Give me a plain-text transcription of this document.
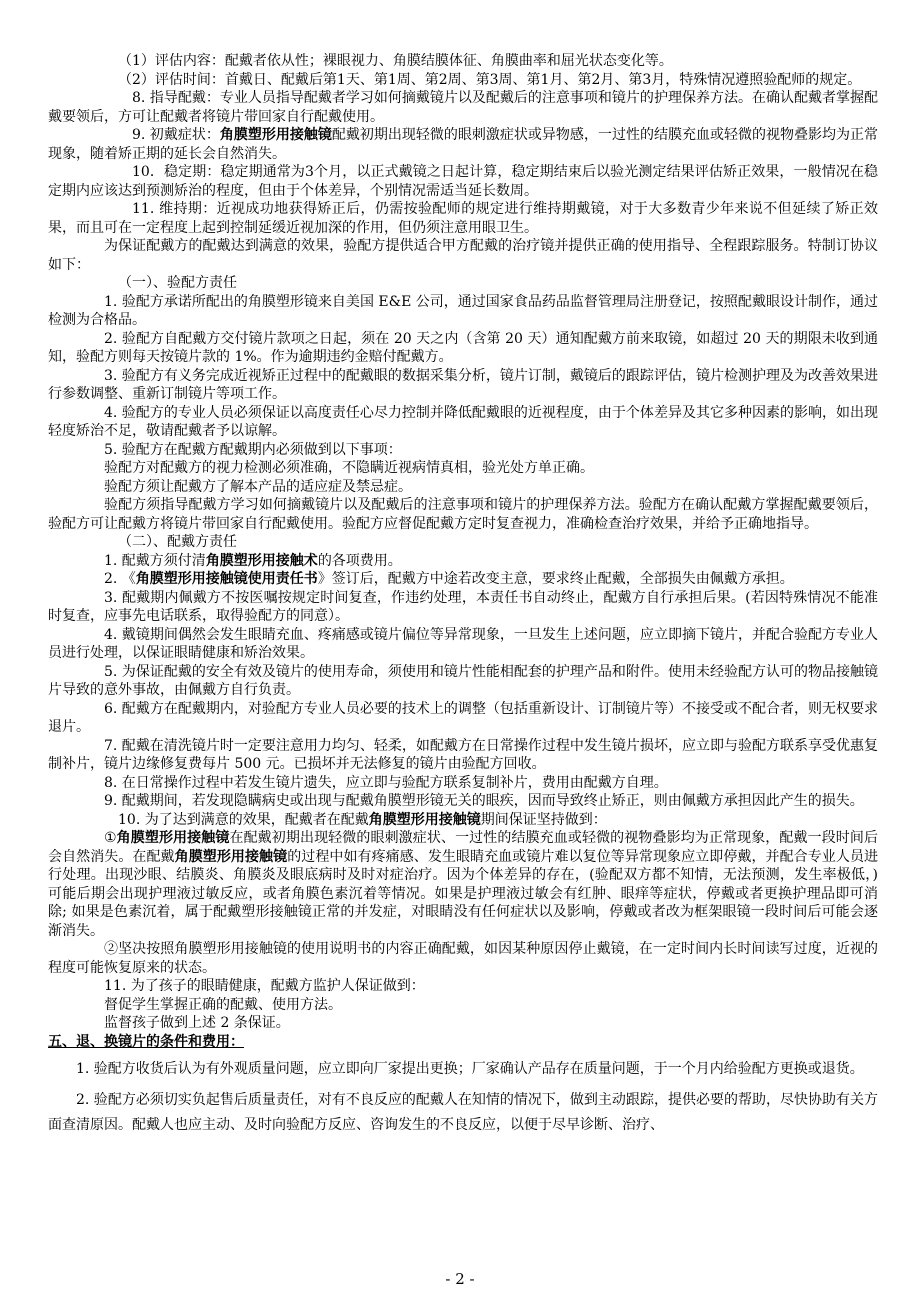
（1）评估内容：配戴者依从性；裸眼视力、角膜结膜体征、角膜曲率和屈光状态变化等。

（2）评估时间：首戴日、配戴后第1天、第1周、第2周、第3周、第1月、第2月、第3月，特殊情况遵照验配师的规定。

8. 指导配戴：专业人员指导配戴者学习如何摘戴镜片以及配戴后的注意事项和镜片的护理保养方法。在确认配戴者掌握配戴要领后，方可让配戴者将镜片带回家自行配戴使用。

9. 初戴症状：角膜塑形用接触镜配戴初期出现轻微的眼刺激症状或异物感，一过性的结膜充血或轻微的视物叠影均为正常现象，随着矫正期的延长会自然消失。

10．稳定期：稳定期通常为3个月，以正式戴镜之日起计算，稳定期结束后以验光测定结果评估矫正效果，一般情况在稳定期内应该达到预测矫治的程度，但由于个体差异，个别情况需适当延长数周。

11. 维持期：近视成功地获得矫正后，仍需按验配师的规定进行维持期戴镜，对于大多数青少年来说不但延续了矫正效果，而且可在一定程度上起到控制延缓近视加深的作用，但仍须注意用眼卫生。

为保证配戴方的配戴达到满意的效果，验配方提供适合甲方配戴的治疗镜并提供正确的使用指导、全程跟踪服务。特制订协议如下：

（一）、验配方责任

1. 验配方承诺所配出的角膜塑形镜来自美国 E&E 公司，通过国家食品药品监督管理局注册登记，按照配戴眼设计制作，通过检测为合格品。

2. 验配方自配戴方交付镜片款项之日起，须在 20 天之内（含第 20 天）通知配戴方前来取镜，如超过 20 天的期限未收到通知，验配方则每天按镜片款的 1%。作为逾期违约金赔付配戴方。

3. 验配方有义务完成近视矫正过程中的配戴眼的数据采集分析，镜片订制，戴镜后的跟踪评估，镜片检测护理及为改善效果进行参数调整、重新订制镜片等项工作。

4. 验配方的专业人员必须保证以高度责任心尽力控制并降低配戴眼的近视程度，由于个体差异及其它多种因素的影响，如出现轻度矫治不足，敬请配戴者予以谅解。

5. 验配方在配戴方配戴期内必须做到以下事项：

验配方对配戴方的视力检测必须准确，不隐瞒近视病情真相，验光处方单正确。

验配方须让配戴方了解本产品的适应症及禁忌症。

验配方须指导配戴方学习如何摘戴镜片以及配戴后的注意事项和镜片的护理保养方法。验配方在确认配戴方掌握配戴要领后，验配方可让配戴方将镜片带回家自行配戴使用。验配方应督促配戴方定时复查视力，准确检查治疗效果，并给予正确地指导。

（二）、配戴方责任

1. 配戴方须付清角膜塑形用接触术的各项费用。

2. 《角膜塑形用接触镜使用责任书》签订后，配戴方中途若改变主意，要求终止配戴，全部损失由佩戴方承担。

3. 配戴期内佩戴方不按医嘱按规定时间复查，作违约处理，本责任书自动终止，配戴方自行承担后果。(若因特殊情况不能准时复查，应事先电话联系，取得验配方的同意）。

4. 戴镜期间偶然会发生眼睛充血、疼痛感或镜片偏位等异常现象，一旦发生上述问题，应立即摘下镜片，并配合验配方专业人员进行处理，以保证眼睛健康和矫治效果。

5. 为保证配戴的安全有效及镜片的使用寿命，须使用和镜片性能相配套的护理产品和附件。使用未经验配方认可的物品接触镜片导致的意外事故，由佩戴方自行负责。

6. 配戴方在配戴期内，对验配方专业人员必要的技术上的调整（包括重新设计、订制镜片等）不接受或不配合者，则无权要求退片。

7. 配戴在清洗镜片时一定要注意用力均匀、轻柔，如配戴方在日常操作过程中发生镜片损坏，应立即与验配方联系享受优惠复制补片，镜片边缘修复费每片 500 元。已损坏并无法修复的镜片由验配方回收。

8. 在日常操作过程中若发生镜片遗失，应立即与验配方联系复制补片，费用由配戴方自理。

9. 配戴期间，若发现隐瞒病史或出现与配戴角膜塑形镜无关的眼疾，因而导致终止矫正，则由佩戴方承担因此产生的损失。

10. 为了达到满意的效果，配戴者在配戴角膜塑形用接触镜期间保证坚持做到：

①角膜塑形用接触镜在配戴初期出现轻微的眼刺激症状、一过性的结膜充血或轻微的视物叠影均为正常现象，配戴一段时间后会自然消失。在配戴角膜塑形用接触镜的过程中如有疼痛感、发生眼睛充血或镜片难以复位等异常现象应立即停戴，并配合专业人员进行处理。出现沙眼、结膜炎、角膜炎及眼底病时及时对症治疗。因为个体差异的存在，(验配双方都不知情，无法预测，发生率极低，) 可能后期会出现护理液过敏反应，或者角膜色素沉着等情况。如果是护理液过敏会有红肿、眼痒等症状，停戴或者更换护理品即可消除; 如果是色素沉着，属于配戴塑形接触镜正常的并发症，对眼睛没有任何症状以及影响，停戴或者改为框架眼镜一段时间后可能会逐渐消失。

②坚决按照角膜塑形用接触镜的使用说明书的内容正确配戴，如因某种原因停止戴镜，在一定时间内长时间读写过度，近视的程度可能恢复原来的状态。

11. 为了孩子的眼睛健康，配戴方监护人保证做到：

督促学生掌握正确的配戴、使用方法。

监督孩子做到上述 2 条保证。

五、退、换镜片的条件和费用：

1. 验配方收货后认为有外观质量问题，应立即向厂家提出更换；厂家确认产品存在质量问题，于一个月内给验配方更换或退货。

2. 验配方必须切实负起售后质量责任，对有不良反应的配戴人在知情的情况下，做到主动跟踪，提供必要的帮助，尽快协助有关方面查清原因。配戴人也应主动、及时向验配方反应、咨询发生的不良反应，以便于尽早诊断、治疗、

- 2 -
